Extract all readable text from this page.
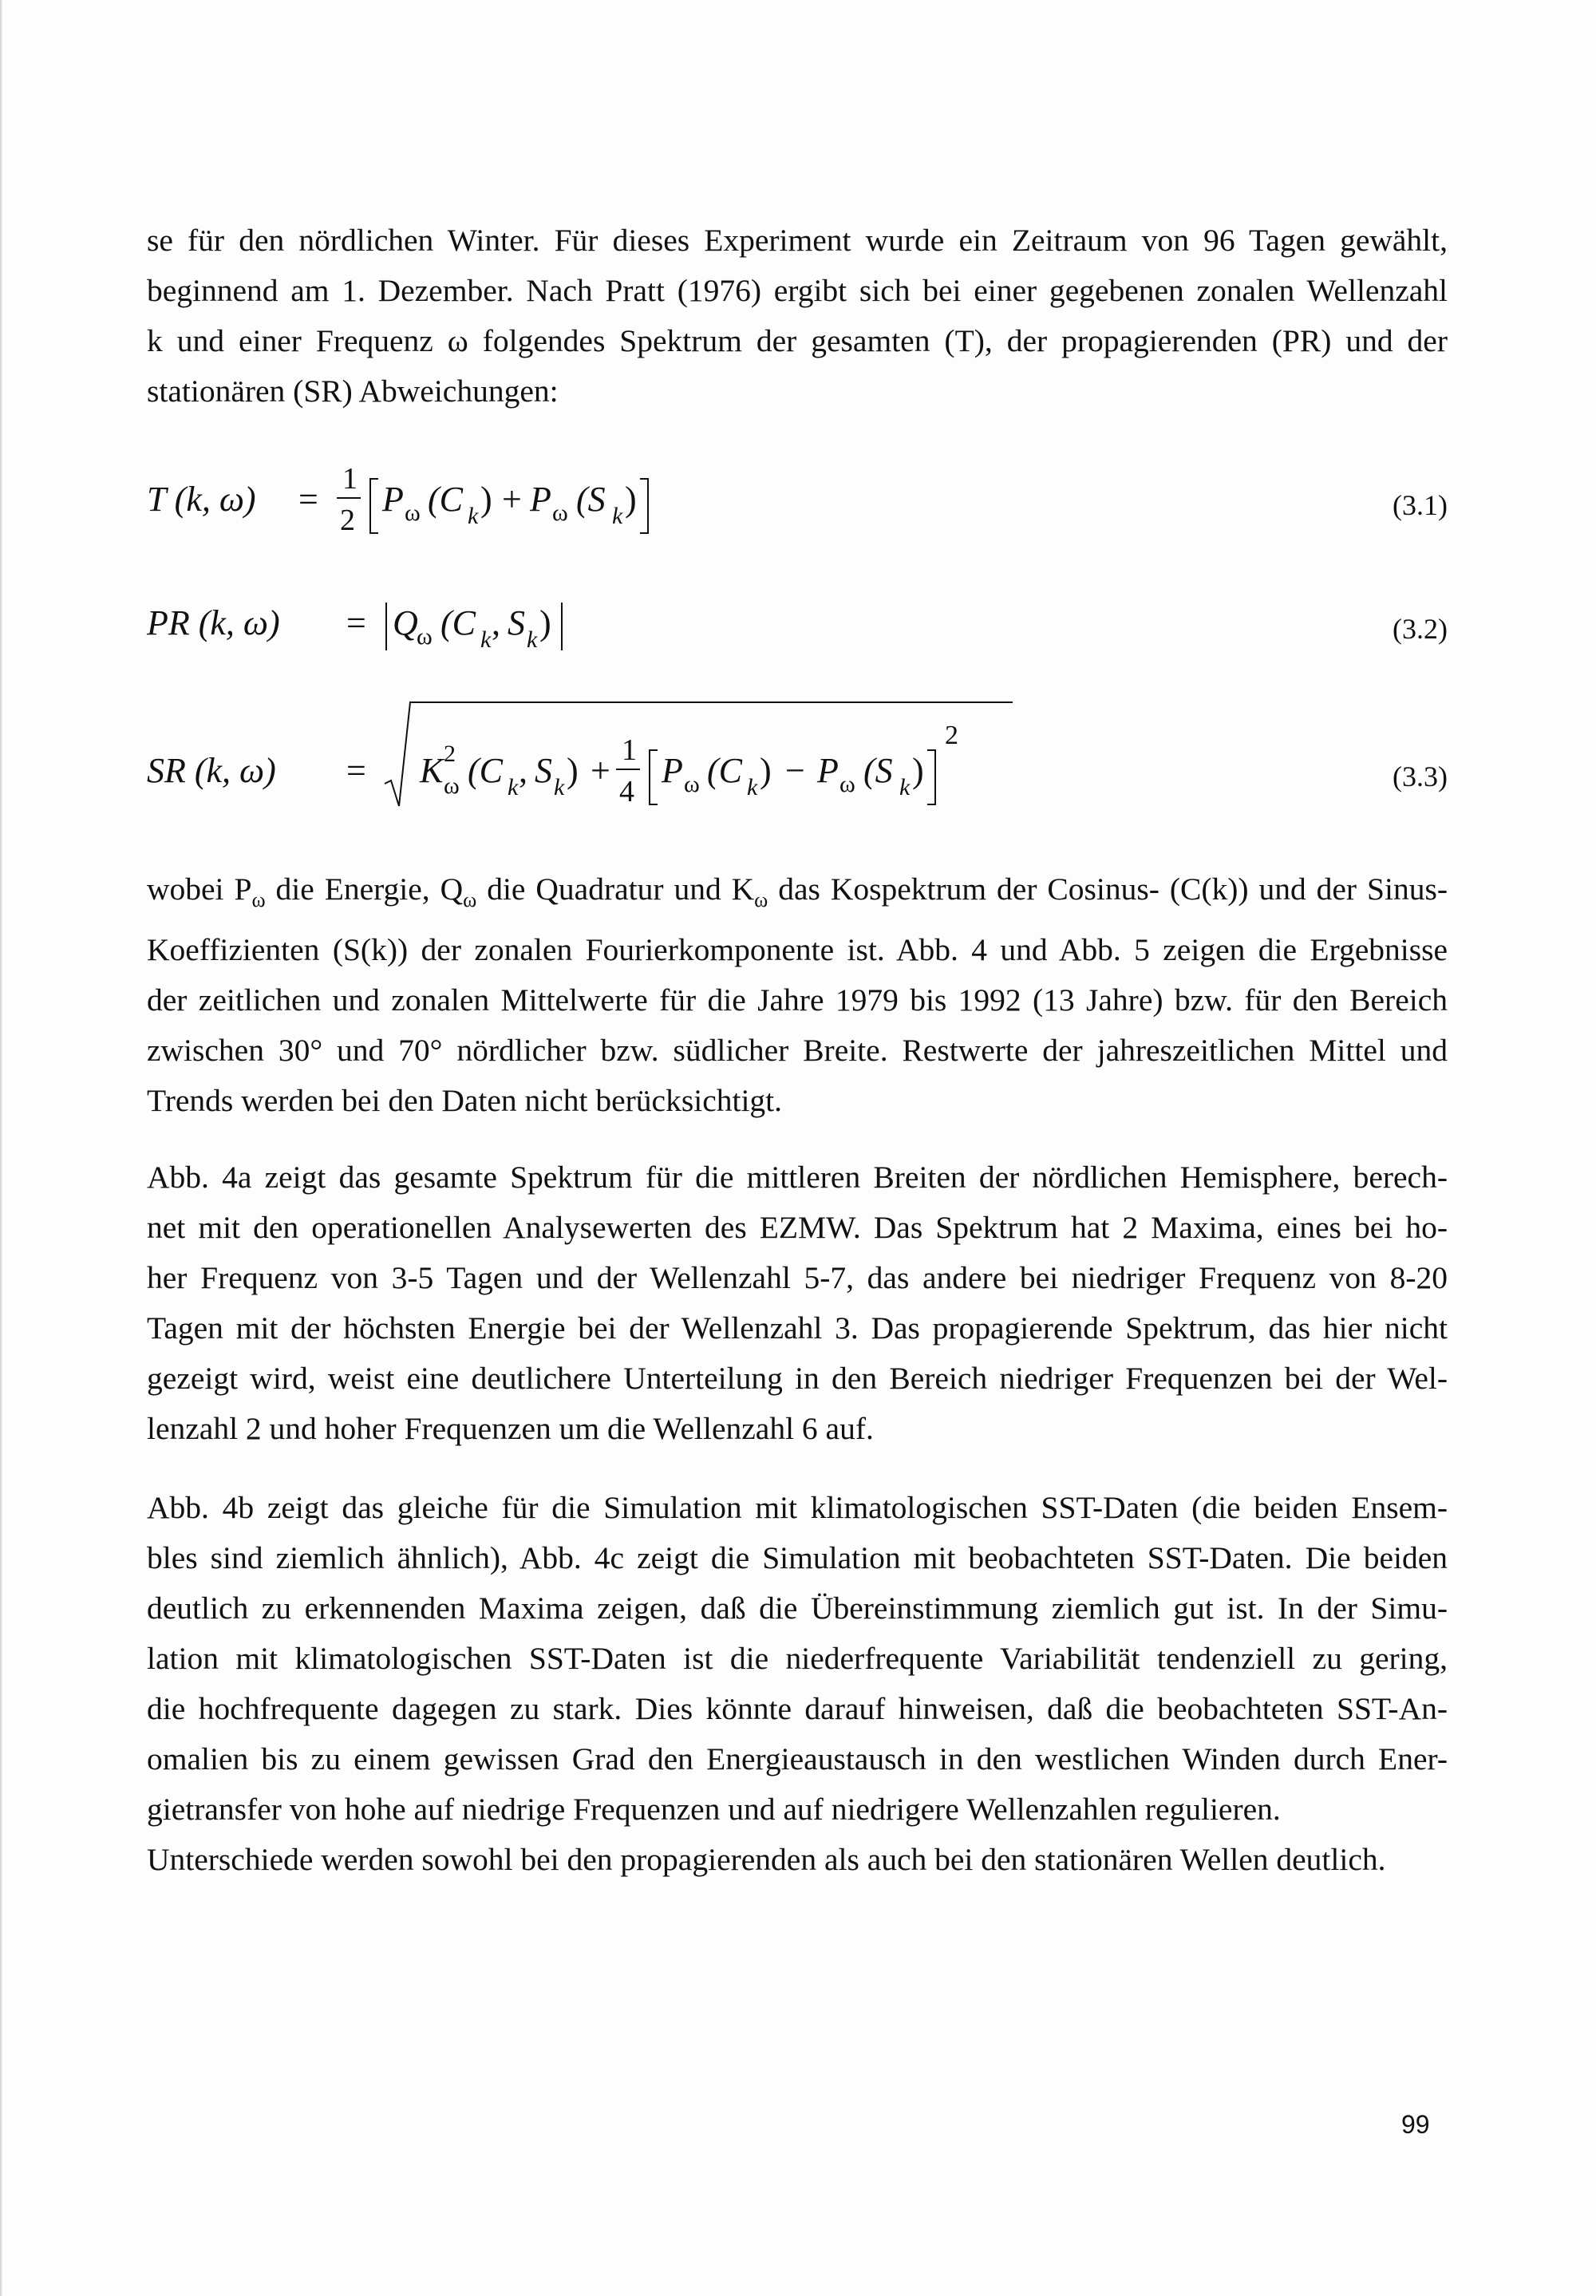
se für den nördlichen Winter. Für dieses Experiment wurde ein Zeitraum von 96 Tagen gewählt,
beginnend am 1. Dezember. Nach Pratt (1976) ergibt sich bei einer gegebenen zonalen Wellenzahl
k und einer Frequenz ω folgendes Spektrum der gesamten (T), der propagierenden (PR) und der
stationären (SR) Abweichungen:

T (k, ω) =
1
2
P ω (C k ) + P ω (S k )	(3.1)
PR (k, ω) = Q
ω (C k , S k )	(3.2)
SR (k, ω) = K 2
ω (C k , S k ) +
1
4
P ω (C k ) − P ω (S k )
2
(3.3)

wobei $P_\omega$ die Energie, $Q_\omega$ die Quadratur und $K_\omega$ das Kospektrum der Cosinus- (C(k)) und der Sinus-
Koeffizienten (S(k)) der zonalen Fourierkomponente ist. Abb. 4 und Abb. 5 zeigen die Ergebnisse
der zeitlichen und zonalen Mittelwerte für die Jahre 1979 bis 1992 (13 Jahre) bzw. für den Bereich
zwischen 30° und 70° nördlicher bzw. südlicher Breite. Restwerte der jahreszeitlichen Mittel und
Trends werden bei den Daten nicht berücksichtigt.

Abb. 4a zeigt das gesamte Spektrum für die mittleren Breiten der nördlichen Hemisphere, berech-
net mit den operationellen Analysewerten des EZMW. Das Spektrum hat 2 Maxima, eines bei ho-
her Frequenz von 3-5 Tagen und der Wellenzahl 5-7, das andere bei niedriger Frequenz von 8-20
Tagen mit der höchsten Energie bei der Wellenzahl 3. Das propagierende Spektrum, das hier nicht
gezeigt wird, weist eine deutlichere Unterteilung in den Bereich niedriger Frequenzen bei der Wel-
lenzahl 2 und hoher Frequenzen um die Wellenzahl 6 auf.

Abb. 4b zeigt das gleiche für die Simulation mit klimatologischen SST-Daten (die beiden Ensem-
bles sind ziemlich ähnlich), Abb. 4c zeigt die Simulation mit beobachteten SST-Daten. Die beiden
deutlich zu erkennenden Maxima zeigen, daß die Übereinstimmung ziemlich gut ist. In der Simu-
lation mit klimatologischen SST-Daten ist die niederfrequente Variabilität tendenziell zu gering,
die hochfrequente dagegen zu stark. Dies könnte darauf hinweisen, daß die beobachteten SST-An-
omalien bis zu einem gewissen Grad den Energieaustausch in den westlichen Winden durch Ener-
gietransfer von hohe auf niedrige Frequenzen und auf niedrigere Wellenzahlen regulieren.
Unterschiede werden sowohl bei den propagierenden als auch bei den stationären Wellen deutlich.

99
